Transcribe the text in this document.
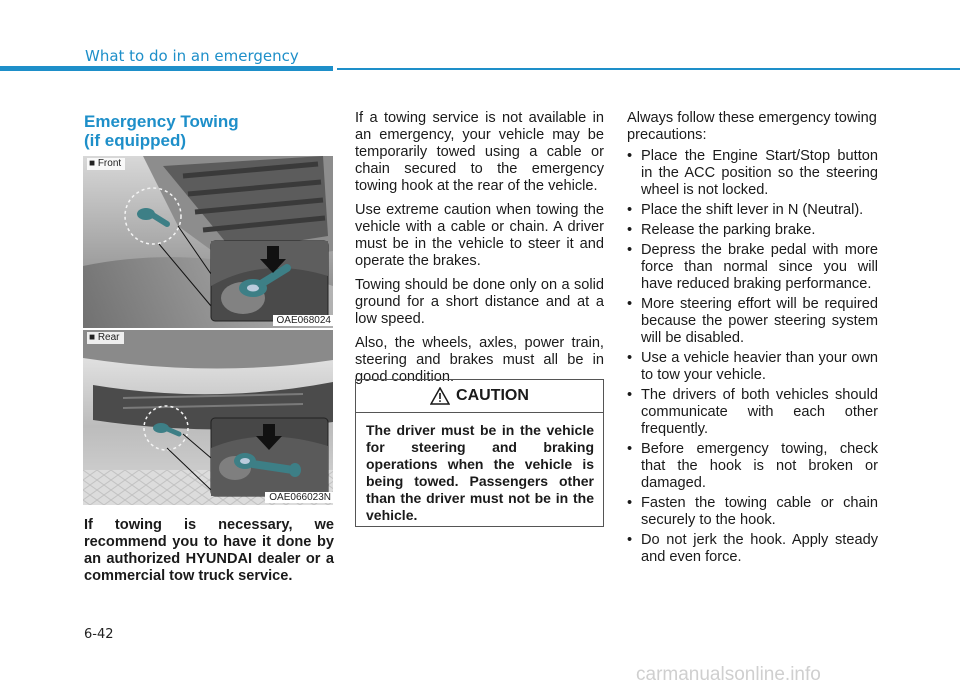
What to do in an emergency
Emergency Towing
(if equipped)
■ Front
OAE068024
■ Rear
OAE066023N
If towing is necessary, we recommend you to have it done by an authorized HYUNDAI dealer or a commercial tow truck service.

If a towing service is not available in an emergency, your vehicle may be temporarily towed using a cable or chain secured to the emergency towing hook at the rear of the vehicle.

Use extreme caution when towing the vehicle with a cable or chain. A driver must be in the vehicle to steer it and operate the brakes.

Towing should be done only on a solid ground for a short distance and at a low speed.

Also, the wheels, axles, power train, steering and brakes must all be in good condition.

CAUTION
The driver must be in the vehicle for steering and braking operations when the vehicle is being towed. Passengers other than the driver must not be in the vehicle.

Always follow these emergency towing precautions:

• Place the Engine Start/Stop button in the ACC position so the steering wheel is not locked.
• Place the shift lever in N (Neutral).
• Release the parking brake.
• Depress the brake pedal with more force than normal since you will have reduced braking performance.
• More steering effort will be required because the power steering system will be disabled.
• Use a vehicle heavier than your own to tow your vehicle.
• The drivers of both vehicles should communicate with each other frequently.
• Before emergency towing, check that the hook is not broken or damaged.
• Fasten the towing cable or chain securely to the hook.
• Do not jerk the hook. Apply steady and even force.
6-42
carmanualsonline.info
